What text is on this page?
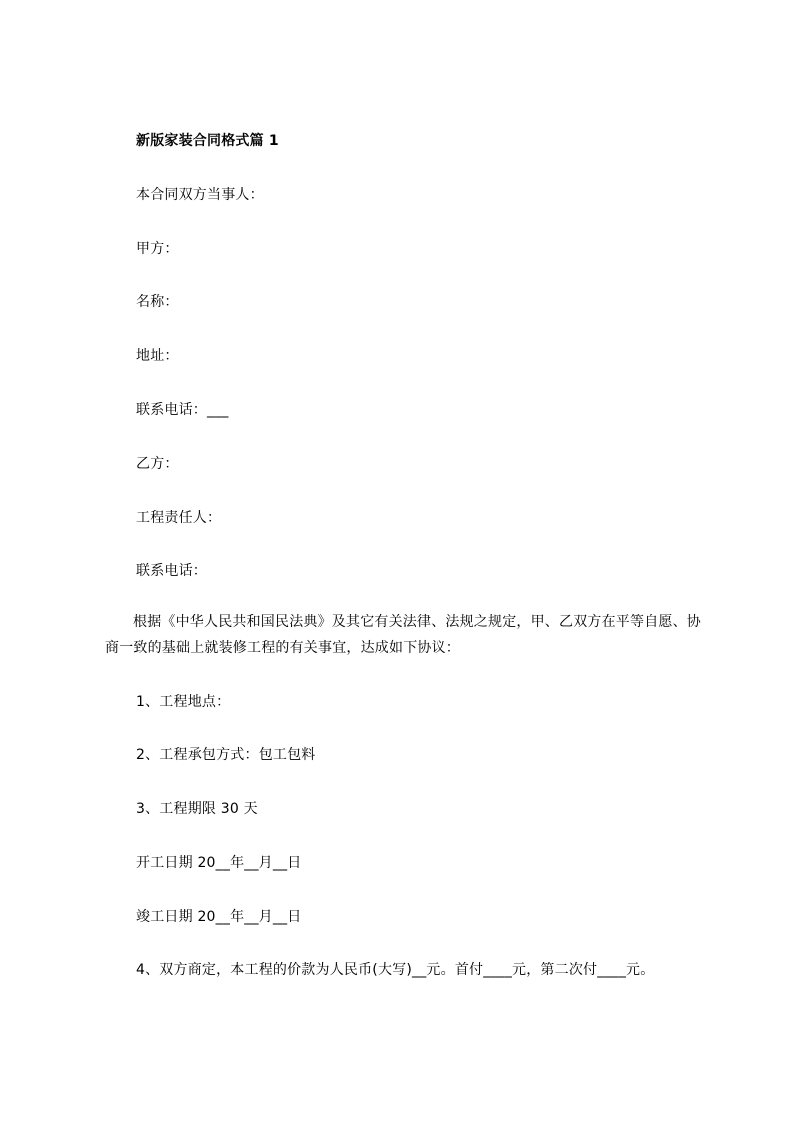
新版家装合同格式篇 1
本合同双方当事人：
甲方：
名称：
地址：
联系电话：___
乙方：
工程责任人：
联系电话：
根据《中华人民共和国民法典》及其它有关法律、法规之规定，甲、乙双方在平等自愿、协商一致的基础上就装修工程的有关事宜，达成如下协议：
1、工程地点：
2、工程承包方式：包工包料
3、工程期限 30 天
开工日期 20__年__月__日
竣工日期 20__年__月__日
4、双方商定，本工程的价款为人民币(大写)__元。首付____元，第二次付____元。
